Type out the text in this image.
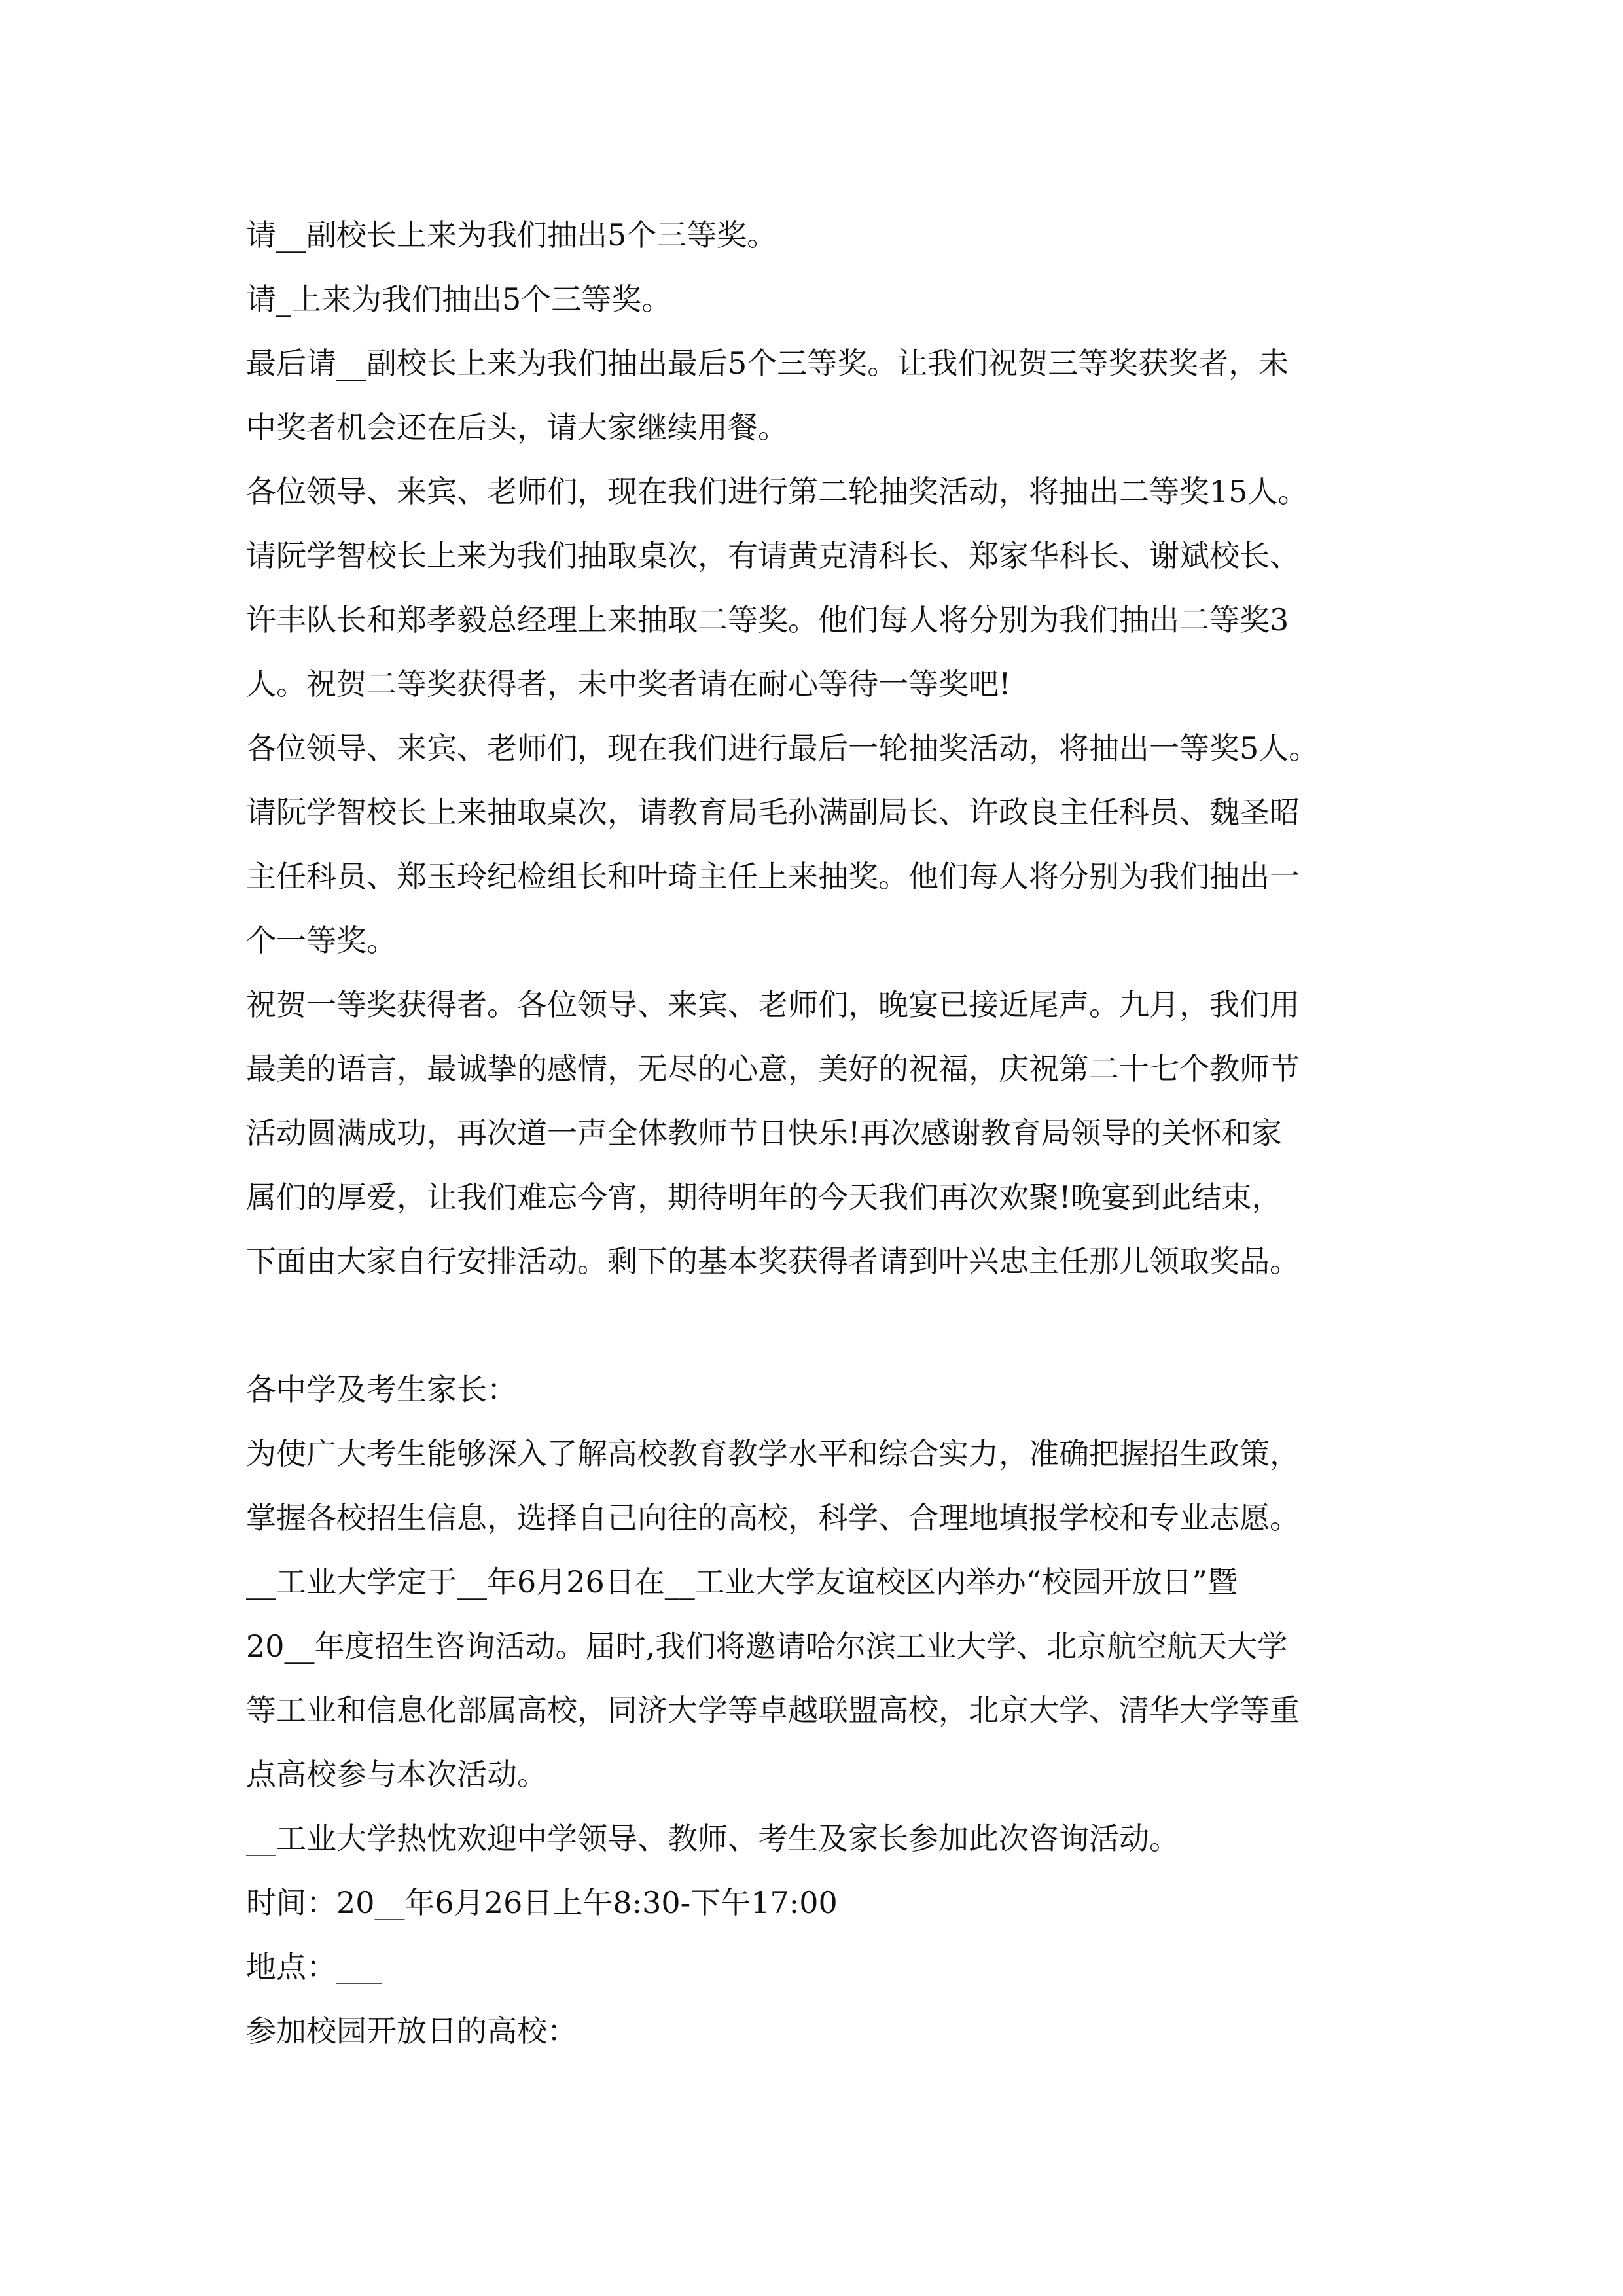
请__副校长上来为我们抽出5个三等奖。
请_上来为我们抽出5个三等奖。
最后请__副校长上来为我们抽出最后5个三等奖。让我们祝贺三等奖获奖者，未
中奖者机会还在后头，请大家继续用餐。
各位领导、来宾、老师们，现在我们进行第二轮抽奖活动，将抽出二等奖15人。
请阮学智校长上来为我们抽取桌次，有请黄克清科长、郑家华科长、谢斌校长、
许丰队长和郑孝毅总经理上来抽取二等奖。他们每人将分别为我们抽出二等奖3
人。祝贺二等奖获得者，未中奖者请在耐心等待一等奖吧!
各位领导、来宾、老师们，现在我们进行最后一轮抽奖活动，将抽出一等奖5人。
请阮学智校长上来抽取桌次，请教育局毛孙满副局长、许政良主任科员、魏圣昭
主任科员、郑玉玲纪检组长和叶琦主任上来抽奖。他们每人将分别为我们抽出一
个一等奖。
祝贺一等奖获得者。各位领导、来宾、老师们，晚宴已接近尾声。九月，我们用
最美的语言，最诚挚的感情，无尽的心意，美好的祝福，庆祝第二十七个教师节
活动圆满成功，再次道一声全体教师节日快乐!再次感谢教育局领导的关怀和家
属们的厚爱，让我们难忘今宵，期待明年的今天我们再次欢聚!晚宴到此结束，
下面由大家自行安排活动。剩下的基本奖获得者请到叶兴忠主任那儿领取奖品。
各中学及考生家长：
为使广大考生能够深入了解高校教育教学水平和综合实力，准确把握招生政策，
掌握各校招生信息，选择自己向往的高校，科学、合理地填报学校和专业志愿。
__工业大学定于__年6月26日在__工业大学友谊校区内举办“校园开放日”暨
20__年度招生咨询活动。届时,我们将邀请哈尔滨工业大学、北京航空航天大学
等工业和信息化部属高校，同济大学等卓越联盟高校，北京大学、清华大学等重
点高校参与本次活动。
__工业大学热忱欢迎中学领导、教师、考生及家长参加此次咨询活动。
时间：20__年6月26日上午8:30-下午17:00
地点：___
参加校园开放日的高校：
